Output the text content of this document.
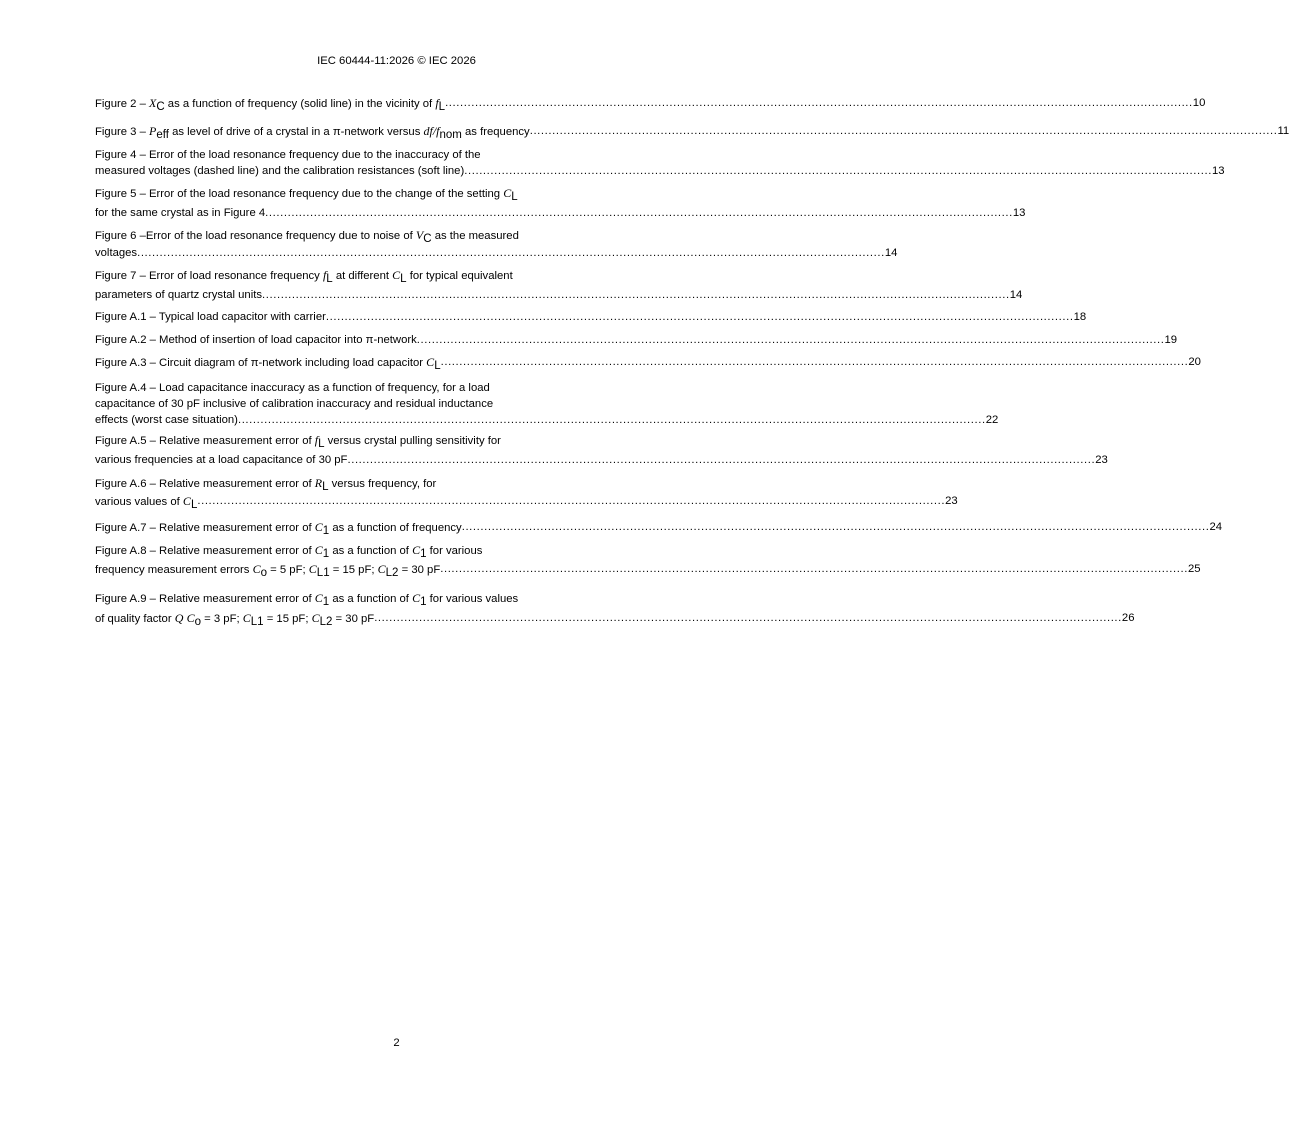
IEC 60444-11:2026 © IEC 2026
Figure 2 – XC as a function of frequency (solid line) in the vicinity of fL ........................................................................................................................................................................................................ 10
Figure 3 – Peff as level of drive of a crystal in a π-network versus df/fnom as frequency ........................................................................................................................................................................................................ 11
Figure 4 – Error of the load resonance frequency due to the inaccuracy of the
measured voltages (dashed line) and the calibration resistances (soft line) ........................................................................................................................................................................................................ 13
Figure 5 – Error of the load resonance frequency due to the change of the setting CL
for the same crystal as in Figure 4 ........................................................................................................................................................................................................ 13
Figure 6 –Error of the load resonance frequency due to noise of VC as the measured
voltages ........................................................................................................................................................................................................ 14
Figure 7 – Error of load resonance frequency fL at different CL for typical equivalent
parameters of quartz crystal units ........................................................................................................................................................................................................ 14
Figure A.1 – Typical load capacitor with carrier ........................................................................................................................................................................................................ 18
Figure A.2 – Method of insertion of load capacitor into π-network ........................................................................................................................................................................................................ 19
Figure A.3 – Circuit diagram of π-network including load capacitor CL ........................................................................................................................................................................................................ 20
Figure A.4 – Load capacitance inaccuracy as a function of frequency, for a load
capacitance of 30 pF inclusive of calibration inaccuracy and residual inductance
effects (worst case situation) ........................................................................................................................................................................................................ 22
Figure A.5 – Relative measurement error of fL versus crystal pulling sensitivity for
various frequencies at a load capacitance of 30 pF ........................................................................................................................................................................................................ 23
Figure A.6 – Relative measurement error of RL versus frequency, for
various values of CL ........................................................................................................................................................................................................ 23
Figure A.7 – Relative measurement error of C1 as a function of frequency ........................................................................................................................................................................................................ 24
Figure A.8 – Relative measurement error of C1 as a function of C1 for various
frequency measurement errors Co = 5 pF; CL1 = 15 pF; CL2 = 30 pF ........................................................................................................................................................................................................ 25
Figure A.9 – Relative measurement error of C1 as a function of C1 for various values
of quality factor Q Co = 3 pF; CL1 = 15 pF; CL2 = 30 pF ........................................................................................................................................................................................................ 26
2
